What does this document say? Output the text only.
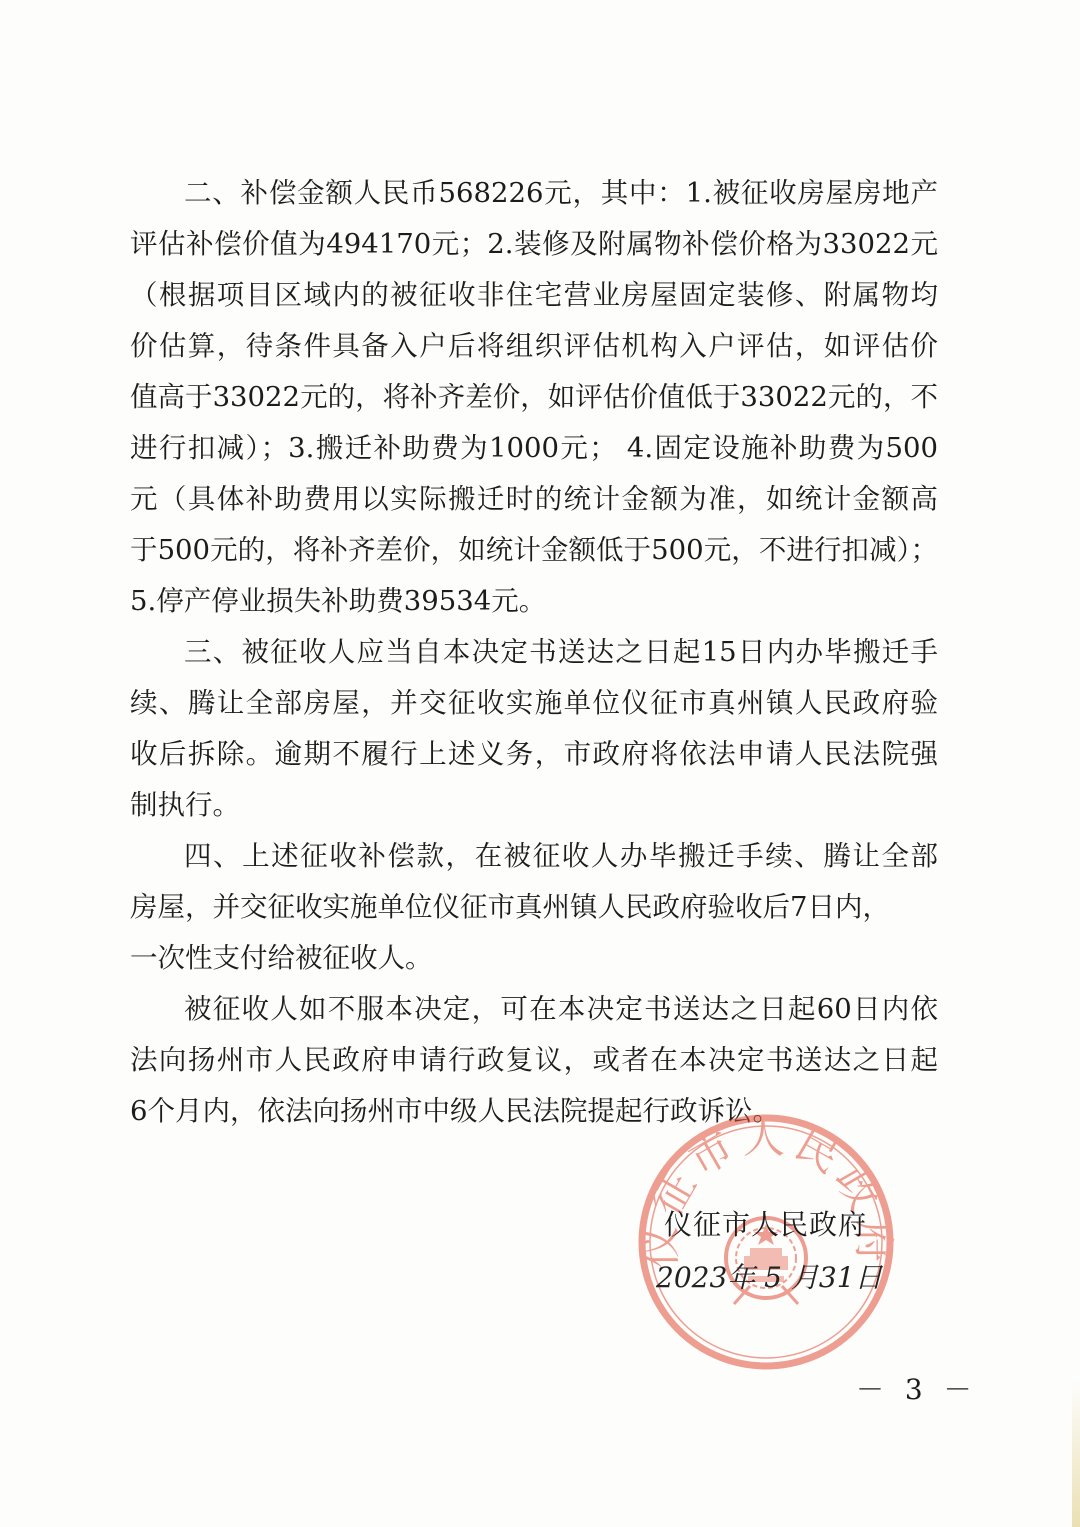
二、补偿金额人民币568226元，其中：1.被征收房屋房地产
评估补偿价值为494170元；2.装修及附属物补偿价格为33022元
（根据项目区域内的被征收非住宅营业房屋固定装修、附属物均
价估算，待条件具备入户后将组织评估机构入户评估，如评估价
值高于33022元的，将补齐差价，如评估价值低于33022元的，不
进行扣减）；3.搬迁补助费为1000元； 4.固定设施补助费为500
元（具体补助费用以实际搬迁时的统计金额为准，如统计金额高
于500元的，将补齐差价，如统计金额低于500元，不进行扣减）；
5.停产停业损失补助费39534元。
三、被征收人应当自本决定书送达之日起15日内办毕搬迁手
续、腾让全部房屋，并交征收实施单位仪征市真州镇人民政府验
收后拆除。逾期不履行上述义务，市政府将依法申请人民法院强
制执行。
四、上述征收补偿款，在被征收人办毕搬迁手续、腾让全部
房屋，并交征收实施单位仪征市真州镇人民政府验收后7日内，
一次性支付给被征收人。
被征收人如不服本决定，可在本决定书送达之日起60日内依
法向扬州市人民政府申请行政复议，或者在本决定书送达之日起
6个月内，依法向扬州市中级人民法院提起行政诉讼。
仪征市人民政府
仪征市人民政府
2023年 5 月31日
－ 3 －
